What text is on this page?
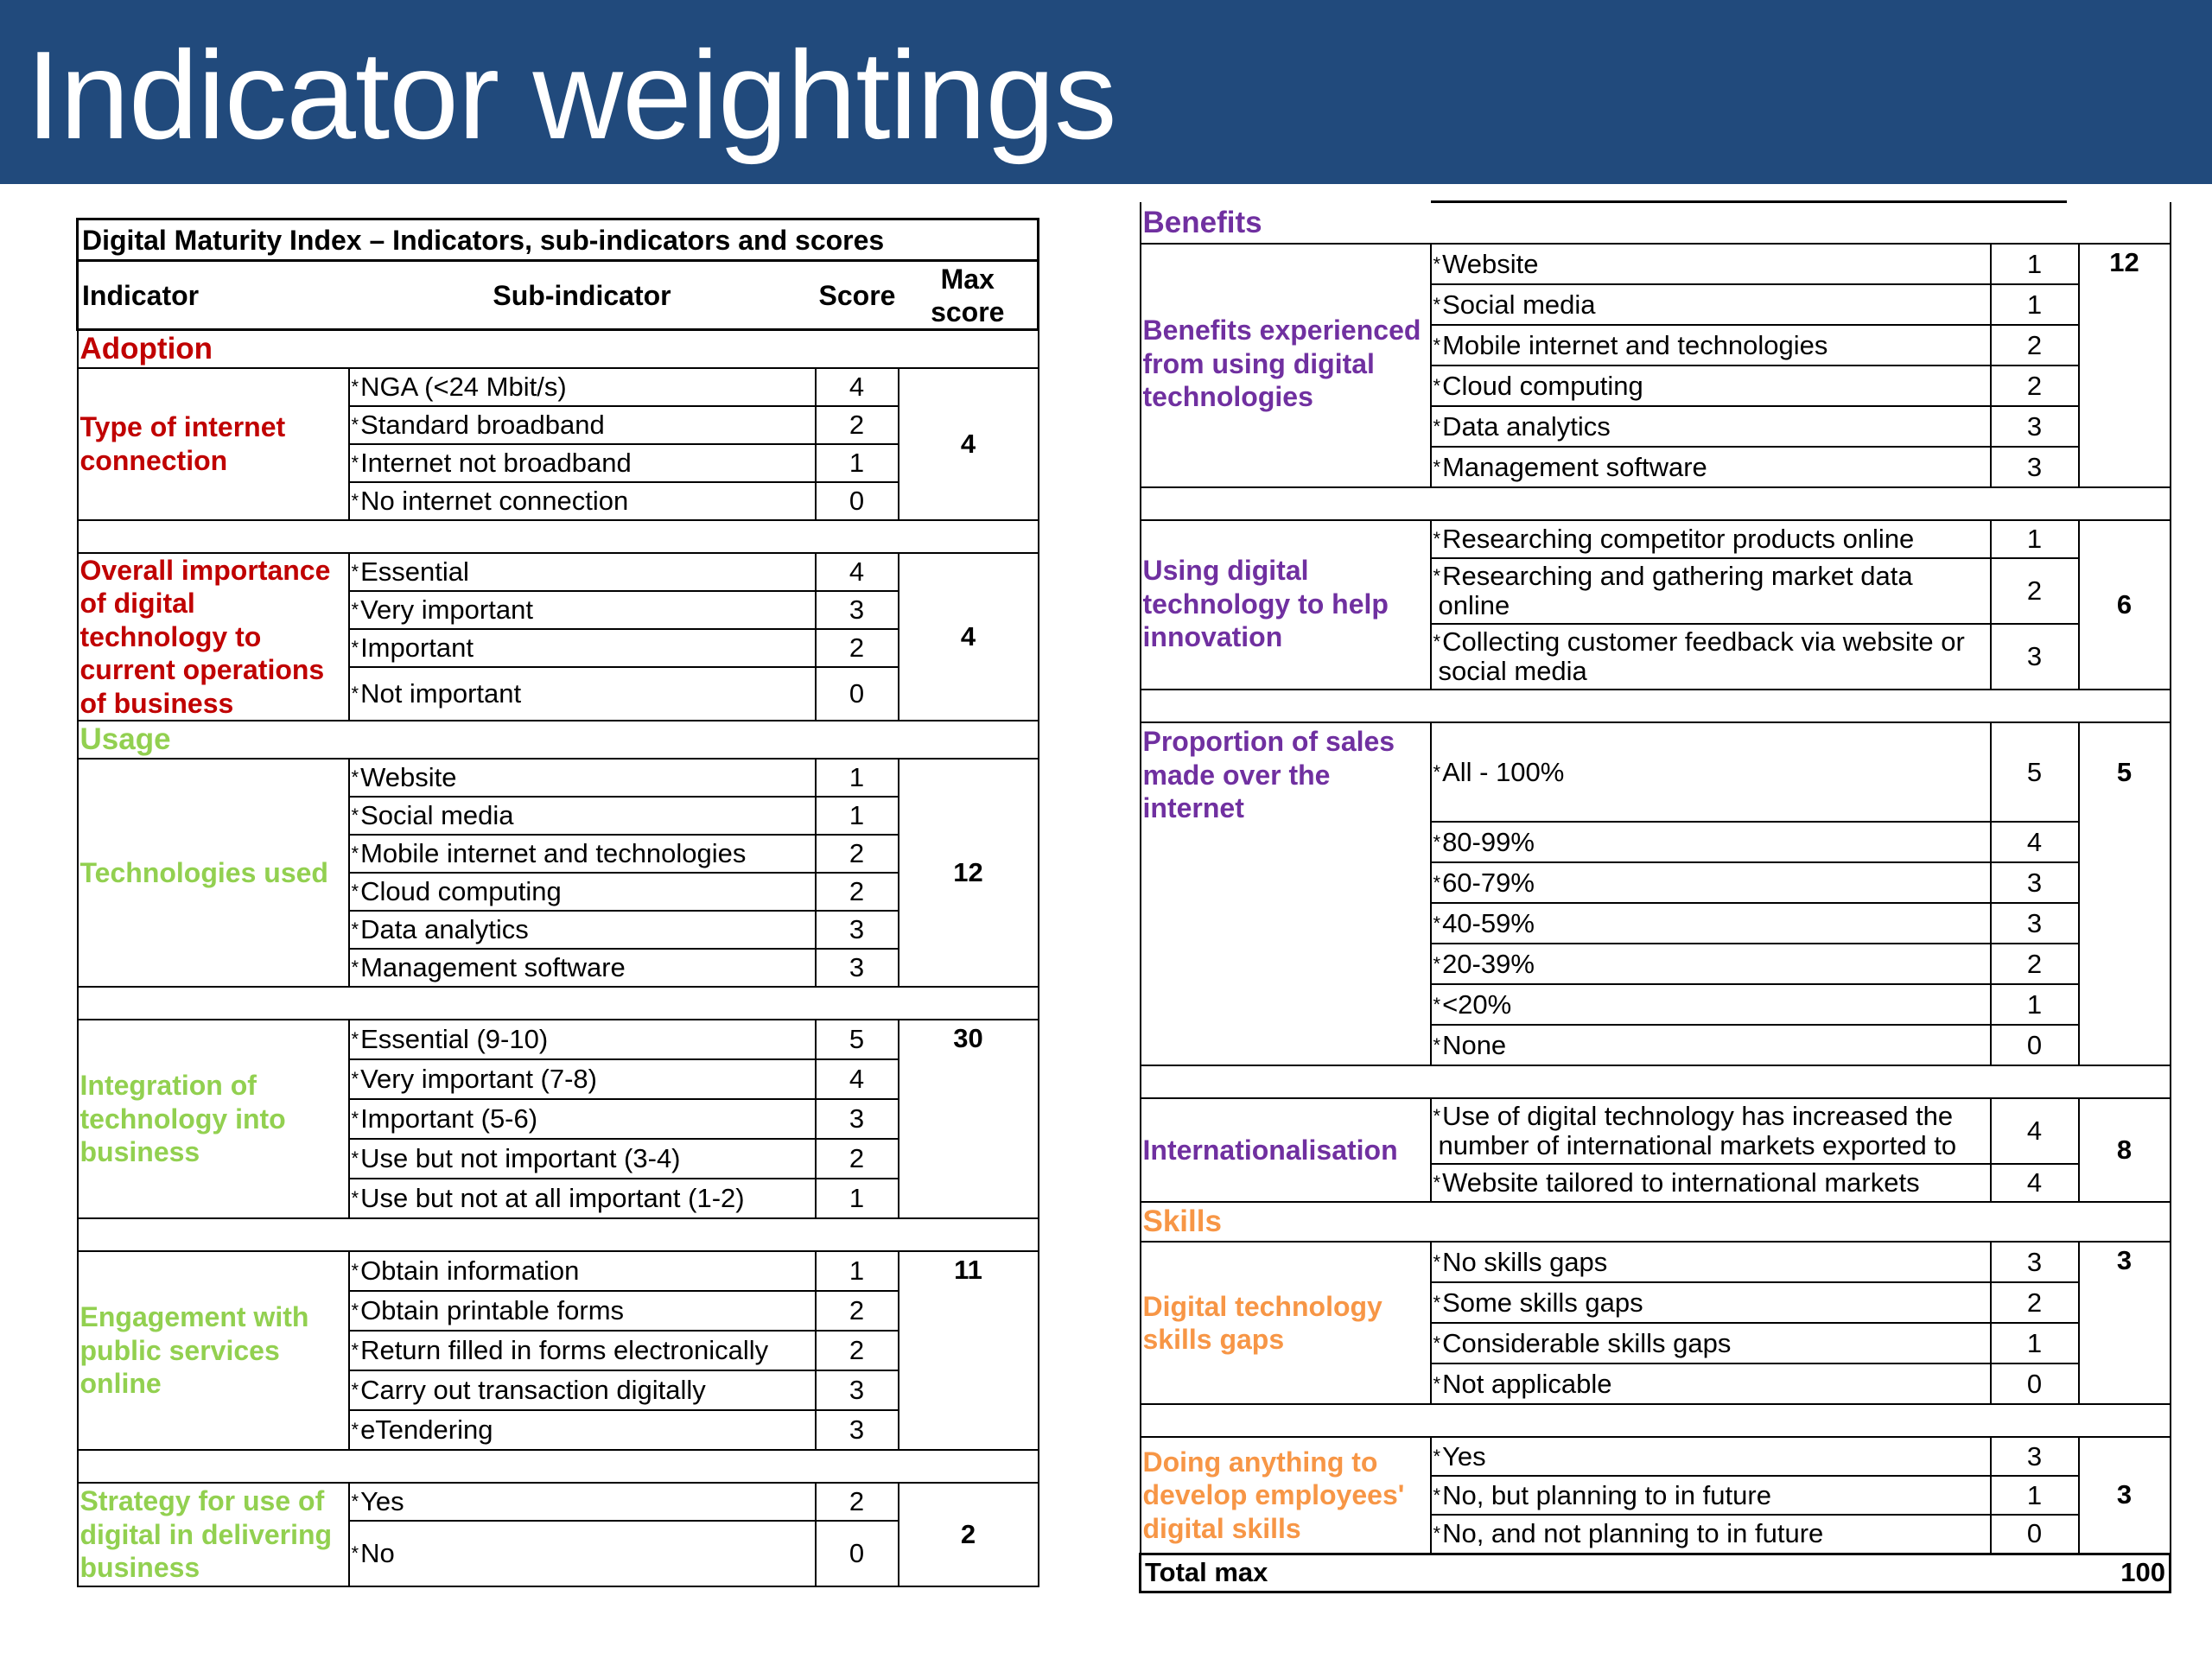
Indicator weightings
Digital Maturity Index – Indicators, sub-indicators and scores			
Indicator	Sub-indicator	Score	Max score
Adoption			
Type of internet connection	* NGA (<24 Mbit/s)	4	4
	* Standard broadband	2	
	* Internet not broadband	1	
	* No internet connection	0	

Overall importance of digital technology to current operations of business	* Essential	4	4
	* Very important	3	
	* Important	2	
	* Not important	0	
Usage			
Technologies used	* Website	1	12
	* Social media	1	
	* Mobile internet and technologies	2	
	* Cloud computing	2	
	* Data analytics	3	
	* Management software	3	

Integration of technology into business	* Essential (9-10)	5	30
	* Very important (7-8)	4	
	* Important (5-6)	3	
	* Use but not important (3-4)	2	
	* Use but not at all important (1-2)	1	

Engagement with public services online	* Obtain information	1	11
	* Obtain printable forms	2	
	* Return filled in forms electronically	2	
	* Carry out transaction digitally	3	
	* eTendering	3	

Strategy for use of digital in delivering business	* Yes	2	2
	* No	0	
Benefits			
Benefits experienced from using digital technologies	* Website	1	12
	* Social media	1	
	* Mobile internet and technologies	2	
	* Cloud computing	2	
	* Data analytics	3	
	* Management software	3	

Using digital technology to help innovation	* Researching competitor products online	1	6
	* Researching and gathering market data online	2	
	* Collecting customer feedback via website or social media	3	

Proportion of sales made over the internet	* All - 100%	5	5
	* 80-99%	4	
	* 60-79%	3	
	* 40-59%	3	
	* 20-39%	2	
	* <20%	1	
	* None	0	

Internationalisation	* Use of digital technology has increased the number of international markets exported to	4	8
	* Website tailored to international markets	4	
Skills			
Digital technology skills gaps	* No skills gaps	3	3
	* Some skills gaps	2	
	* Considerable skills gaps	1	
	* Not applicable	0	

Doing anything to develop employees' digital skills	* Yes	3	3
	* No, but planning to in future	1	
	* No, and not planning to in future	0	
Total max			100
